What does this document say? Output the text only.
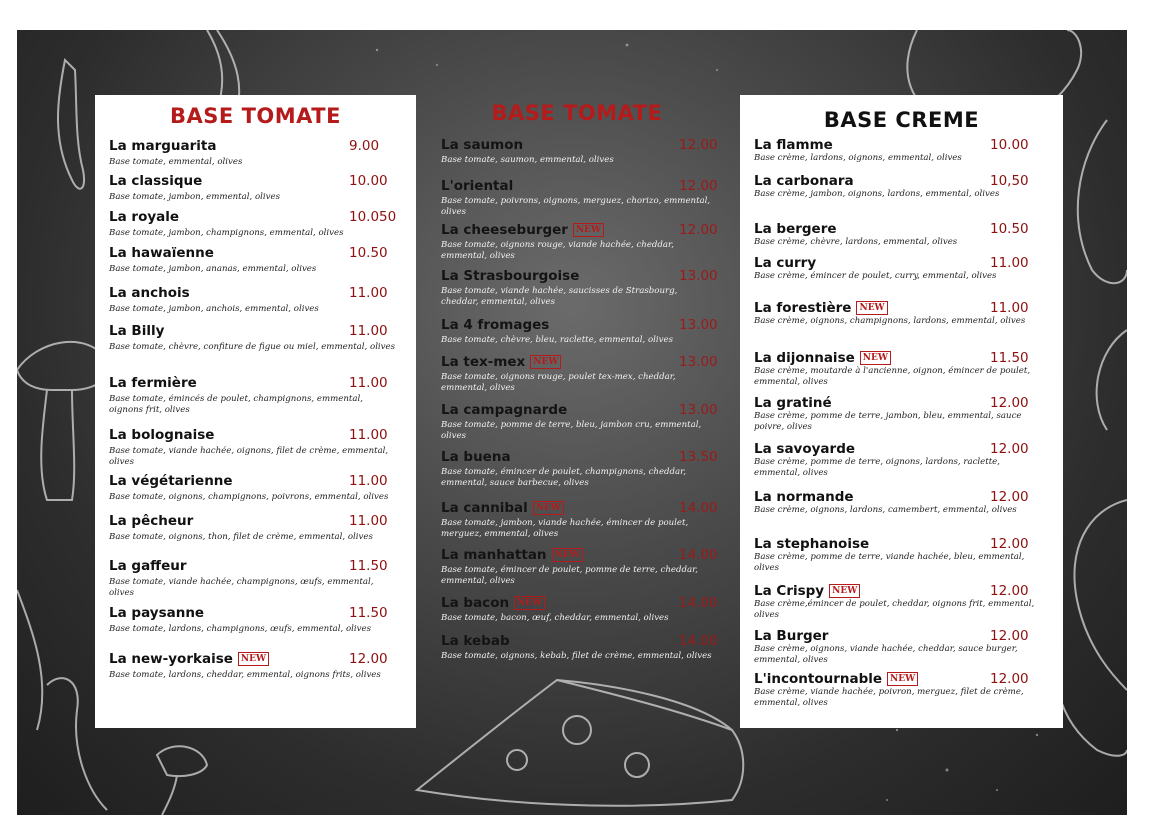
BASE TOMATE
La marguarita	9.00
Base tomate, emmental, olives
La classique	10.00
Base tomate, jambon, emmental, olives
La royale	10.050
Base tomate, jambon, champignons, emmental, olives
La hawaïenne	10.50
Base tomate, jambon, ananas, emmental, olives
La anchois	11.00
Base tomate, jambon, anchois, emmental, olives
La Billy	11.00
Base tomate, chèvre, confiture de figue ou miel, emmental, olives
La fermière	11.00
Base tomate, émincés de poulet, champignons, emmental, oignons frit, olives
La bolognaise	11.00
Base tomate, viande hachée, oignons, filet de crème, emmental, olives
La végétarienne	11.00
Base tomate, oignons, champignons, poivrons, emmental, olives
La pêcheur	11.00
Base tomate, oignons, thon, filet de crème, emmental, olives
La gaffeur	11.50
Base tomate, viande hachée, champignons, œufs, emmental, olives
La paysanne	11.50
Base tomate, lardons, champignons, œufs, emmental, olives
La new-yorkaise NEW	12.00
Base tomate, lardons, cheddar, emmental, oignons frits, olives
BASE TOMATE
La saumon	12.00
Base tomate, saumon, emmental, olives
L'oriental	12.00
Base tomate, poivrons, oignons, merguez, chorizo, emmental, olives
La cheeseburger NEW	12.00
Base tomate, oignons rouge, viande hachée, cheddar, emmental, olives
La Strasbourgoise	13.00
Base tomate, viande hachée, saucisses de Strasbourg, cheddar, emmental, olives
La 4 fromages	13.00
Base tomate, chèvre, bleu, raclette, emmental, olives
La tex-mex NEW	13.00
Base tomate, oignons rouge, poulet tex-mex, cheddar, emmental, olives
La campagnarde	13.00
Base tomate, pomme de terre, bleu, jambon cru, emmental, olives
La buena	13.50
Base tomate, émincer de poulet, champignons, cheddar, emmental, sauce barbecue, olives
La cannibal NEW	14.00
Base tomate, jambon, viande hachée, émincer de poulet, merguez, emmental, olives
La manhattan NEW	14.00
Base tomate, émincer de poulet, pomme de terre, cheddar, emmental, olives
La bacon NEW	14.00
Base tomate, bacon, œuf, cheddar, emmental, olives
La kebab	14.00
Base tomate, oignons, kebab, filet de crème, emmental, olives
BASE CREME
La flamme	10.00
Base crème, lardons, oignons, emmental, olives
La carbonara	10,50
Base crème, jambon, oignons, lardons, emmental, olives
La bergere	10.50
Base crème, chèvre, lardons, emmental, olives
La curry	11.00
Base crème, émincer de poulet, curry, emmental, olives
La forestière NEW	11.00
Base crème, oignons, champignons, lardons, emmental, olives
La dijonnaise NEW	11.50
Base crème, moutarde à l'ancienne, oignon, émincer de poulet, emmental, olives
La gratiné	12.00
Base crème, pomme de terre, jambon, bleu, emmental, sauce poivre, olives
La savoyarde	12.00
Base crème, pomme de terre, oignons, lardons, raclette, emmental, olives
La normande	12.00
Base crème, oignons, lardons, camembert, emmental, olives
La stephanoise	12.00
Base crème, pomme de terre, viande hachée, bleu, emmental, olives
La Crispy NEW	12.00
Base crème,émincer de poulet, cheddar, oignons frit, emmental, olives
La Burger	12.00
Base crème, oignons, viande hachée, cheddar, sauce burger, emmental, olives
L'incontournable NEW	12.00
Base crème, viande hachée, poivron, merguez, filet de crème, emmental, olives
